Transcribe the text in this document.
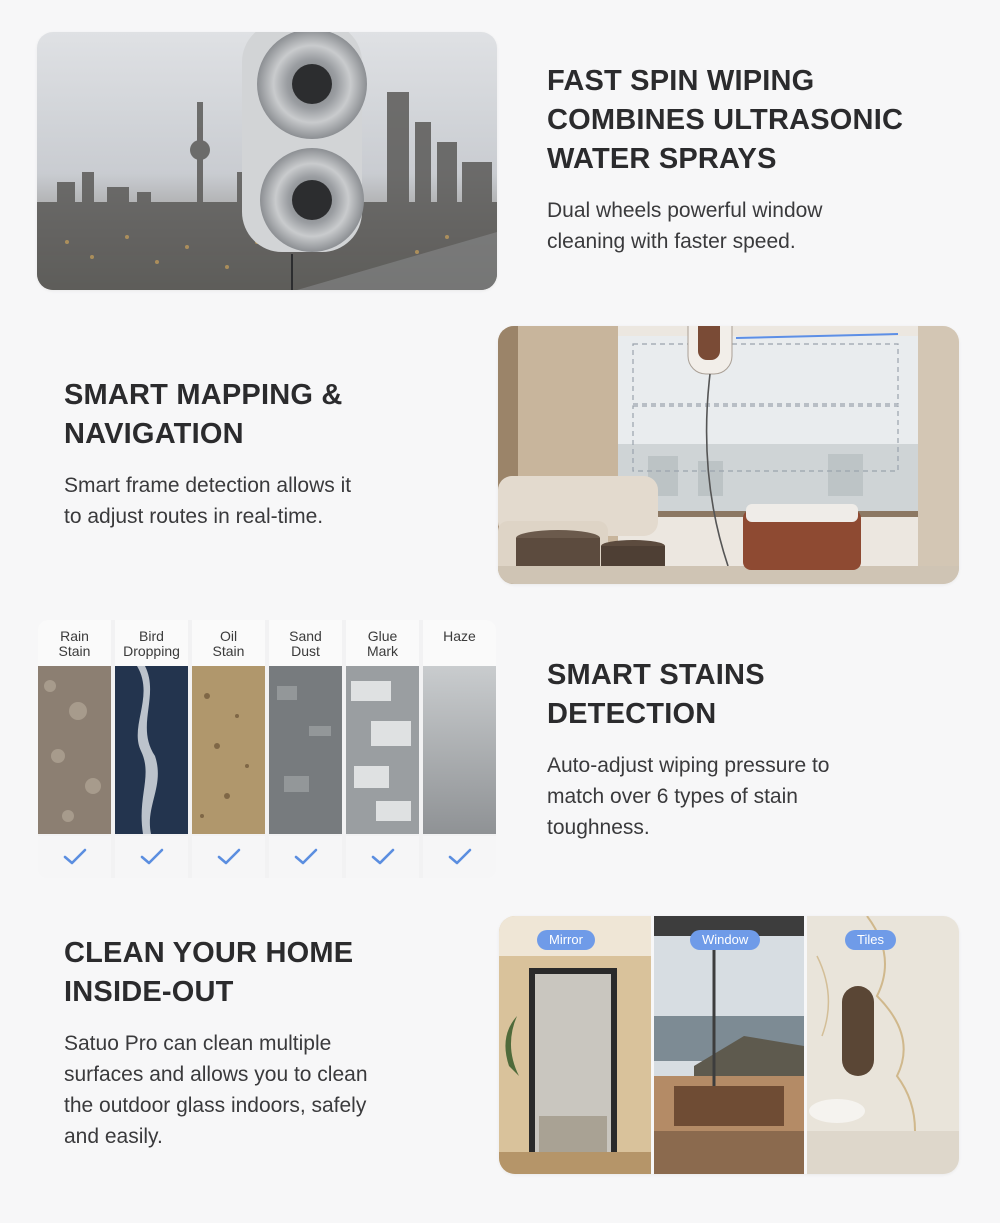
FAST SPIN WIPING
COMBINES ULTRASONIC
WATER SPRAYS

Dual wheels powerful window
cleaning with faster speed.

SMART MAPPING &
NAVIGATION

Smart frame detection allows it
to adjust routes in real-time.

Rain
Stain
Bird
Dropping
Oil
Stain
Sand
Dust
Glue
Mark
Haze

SMART STAINS
DETECTION

Auto-adjust wiping pressure to
match over 6 types of stain
toughness.

CLEAN YOUR HOME
INSIDE-OUT

Satuo Pro can clean multiple
surfaces and allows you to clean
the outdoor glass indoors, safely
and easily.

Mirror	Window	Tiles
